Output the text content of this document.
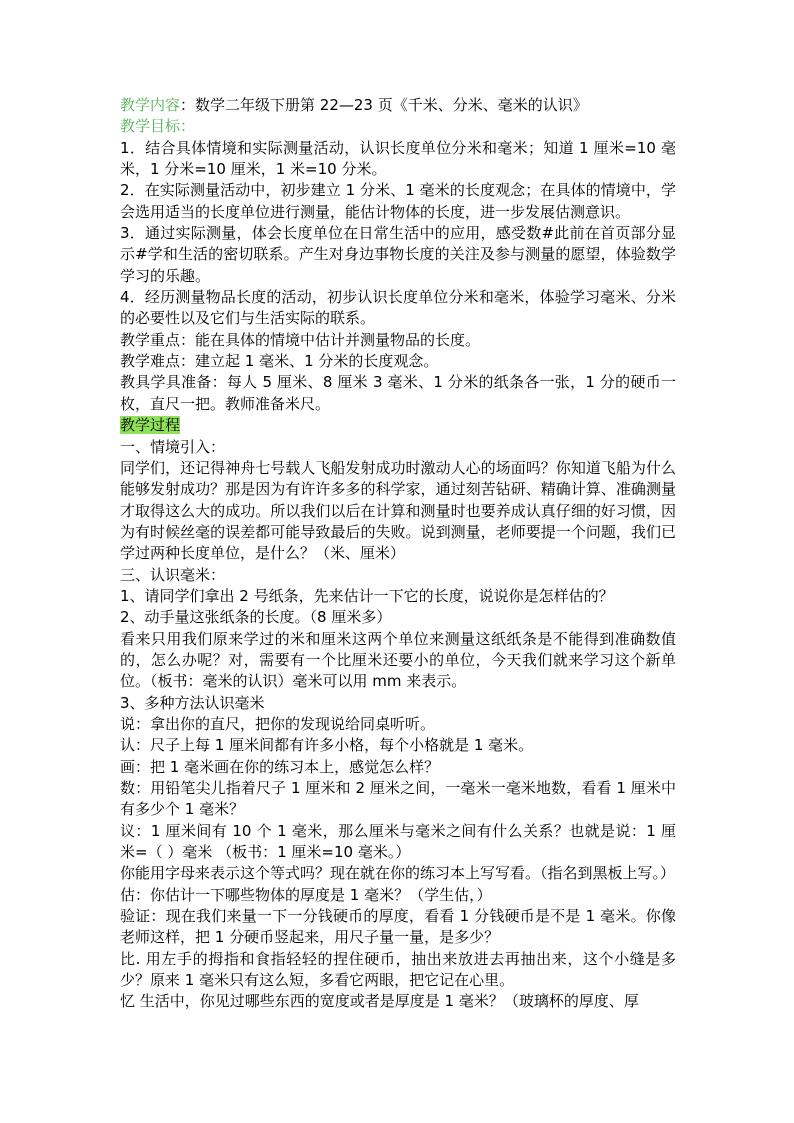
教学内容：数学二年级下册第 22—23 页《千米、分米、毫米的认识》

教学目标：

1．结合具体情境和实际测量活动，认识长度单位分米和毫米；知道 1 厘米=10 毫米，1 分米=10 厘米，1 米=10 分米。

2．在实际测量活动中，初步建立 1 分米、1 毫米的长度观念；在具体的情境中，学会选用适当的长度单位进行测量，能估计物体的长度，进一步发展估测意识。

3．通过实际测量，体会长度单位在日常生活中的应用，感受数#此前在首页部分显示#学和生活的密切联系。产生对身边事物长度的关注及参与测量的愿望，体验数学学习的乐趣。

4．经历测量物品长度的活动，初步认识长度单位分米和毫米，体验学习毫米、分米的必要性以及它们与生活实际的联系。

教学重点：能在具体的情境中估计并测量物品的长度。

教学难点：建立起 1 毫米、1 分米的长度观念。

教具学具准备：每人 5 厘米、8 厘米 3 毫米、1 分米的纸条各一张，1 分的硬币一枚，直尺一把。教师准备米尺。

教学过程

一、情境引入：

同学们，还记得神舟七号载人飞船发射成功时激动人心的场面吗？你知道飞船为什么能够发射成功？那是因为有许许多多的科学家，通过刻苦钻研、精确计算、准确测量才取得这么大的成功。所以我们以后在计算和测量时也要养成认真仔细的好习惯，因为有时候丝毫的误差都可能导致最后的失败。说到测量，老师要提一个问题，我们已学过两种长度单位，是什么？（米、厘米）

三、认识毫米：

1、请同学们拿出 2 号纸条，先来估计一下它的长度，说说你是怎样估的？

2、动手量这张纸条的长度。（8 厘米多）

看来只用我们原来学过的米和厘米这两个单位来测量这纸纸条是不能得到准确数值的，怎么办呢？对，需要有一个比厘米还要小的单位，今天我们就来学习这个新单位。（板书：毫米的认识）毫米可以用 mm 来表示。

3、多种方法认识毫米

说：拿出你的直尺，把你的发现说给同桌听听。

认：尺子上每 1 厘米间都有许多小格，每个小格就是 1 毫米。

画：把 1 毫米画在你的练习本上，感觉怎么样？

数：用铅笔尖儿指着尺子 1 厘米和 2 厘米之间，一毫米一毫米地数，看看 1 厘米中有多少个 1 毫米？

议：1 厘米间有 10 个 1 毫米，那么厘米与毫米之间有什么关系？也就是说：1 厘米=（ ）毫米 （板书：1 厘米=10 毫米。）

你能用字母来表示这个等式吗？现在就在你的练习本上写写看。（指名到黑板上写。）

估：你估计一下哪些物体的厚度是 1 毫米？（学生估，）

验证：现在我们来量一下一分钱硬币的厚度，看看 1 分钱硬币是不是 1 毫米。你像老师这样，把 1 分硬币竖起来，用尺子量一量，是多少？

比. 用左手的拇指和食指轻轻的捏住硬币，抽出来放进去再抽出来，这个小缝是多少？原来 1 毫米只有这么短，多看它两眼，把它记在心里。

忆 生活中，你见过哪些东西的宽度或者是厚度是 1 毫米？（玻璃杯的厚度、厚
